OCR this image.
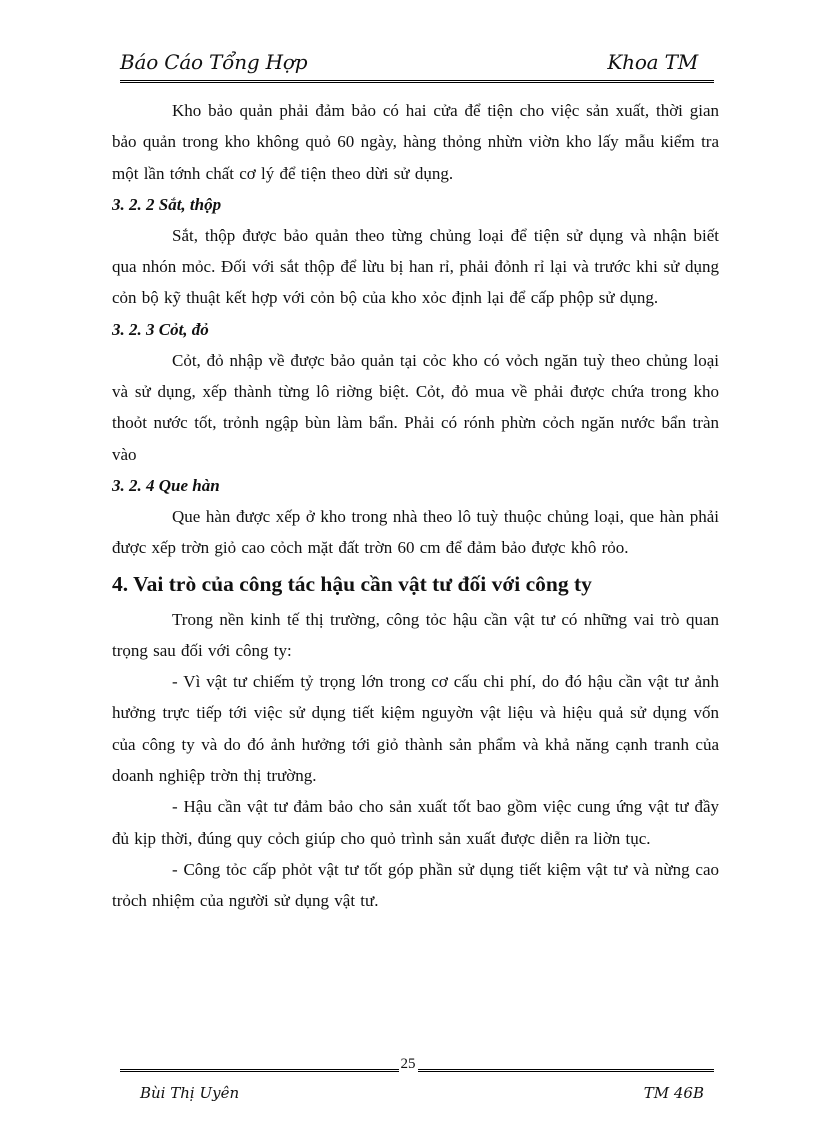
Báo Cáo Tổng Hợp	Khoa TM

Kho bảo quản phải đảm bảo có hai cửa để tiện cho việc sản xuất, thời gian bảo quản trong kho không quỏ 60 ngày, hàng thỏng nhừn viờn kho lấy mẫu kiểm tra một lần tớnh chất cơ lý để tiện theo dừi sử dụng.

3. 2. 2 Sắt, thộp

Sắt, thộp được bảo quản theo từng chủng loại để tiện sử dụng và nhận biết qua nhón mỏc. Đối với sắt thộp để lừu bị han rỉ, phải đỏnh rỉ lại và trước khi sử dụng cỏn bộ kỹ thuật kết hợp với cỏn bộ của kho xỏc định lại để cấp phộp sử dụng.

3. 2. 3 Cỏt, đỏ

Cỏt, đỏ nhập về được bảo quản tại cỏc kho có vỏch ngăn tuỳ theo chủng loại và sử dụng, xếp thành từng lô riờng biệt. Cỏt, đỏ mua về phải được chứa trong kho thoỏt nước tốt, trỏnh ngập bùn làm bẩn. Phải có rónh phừn cỏch ngăn nước bẩn tràn vào

3. 2. 4 Que hàn

Que hàn được xếp ở kho trong nhà theo lô tuỳ thuộc chủng loại, que hàn phải được xếp trờn giỏ cao cỏch mặt đất trờn 60 cm để đảm bảo được khô rỏo.

4. Vai trò của công tác hậu cần vật tư đối với công ty

Trong nền kinh tế thị trường, công tỏc hậu cần vật tư có những vai trò quan trọng sau đối với công ty:

- Vì vật tư chiếm tỷ trọng lớn trong cơ cấu chi phí, do đó hậu cần vật tư ảnh hưởng trực tiếp tới việc sử dụng tiết kiệm nguyờn vật liệu và hiệu quả sử dụng vốn của công ty và do đó ảnh hưởng tới giỏ thành sản phẩm và khả năng cạnh tranh của doanh nghiệp trờn thị trường.

- Hậu cần vật tư đảm bảo cho sản xuất tốt bao gồm việc cung ứng vật tư đầy đủ kịp thời, đúng quy cỏch giúp cho quỏ trình sản xuất được diễn ra liờn tục.

- Công tỏc cấp phỏt vật tư tốt góp phần sử dụng tiết kiệm vật tư và nừng cao trỏch nhiệm của người sử dụng vật tư.

25
Bùi Thị Uyên	TM 46B
